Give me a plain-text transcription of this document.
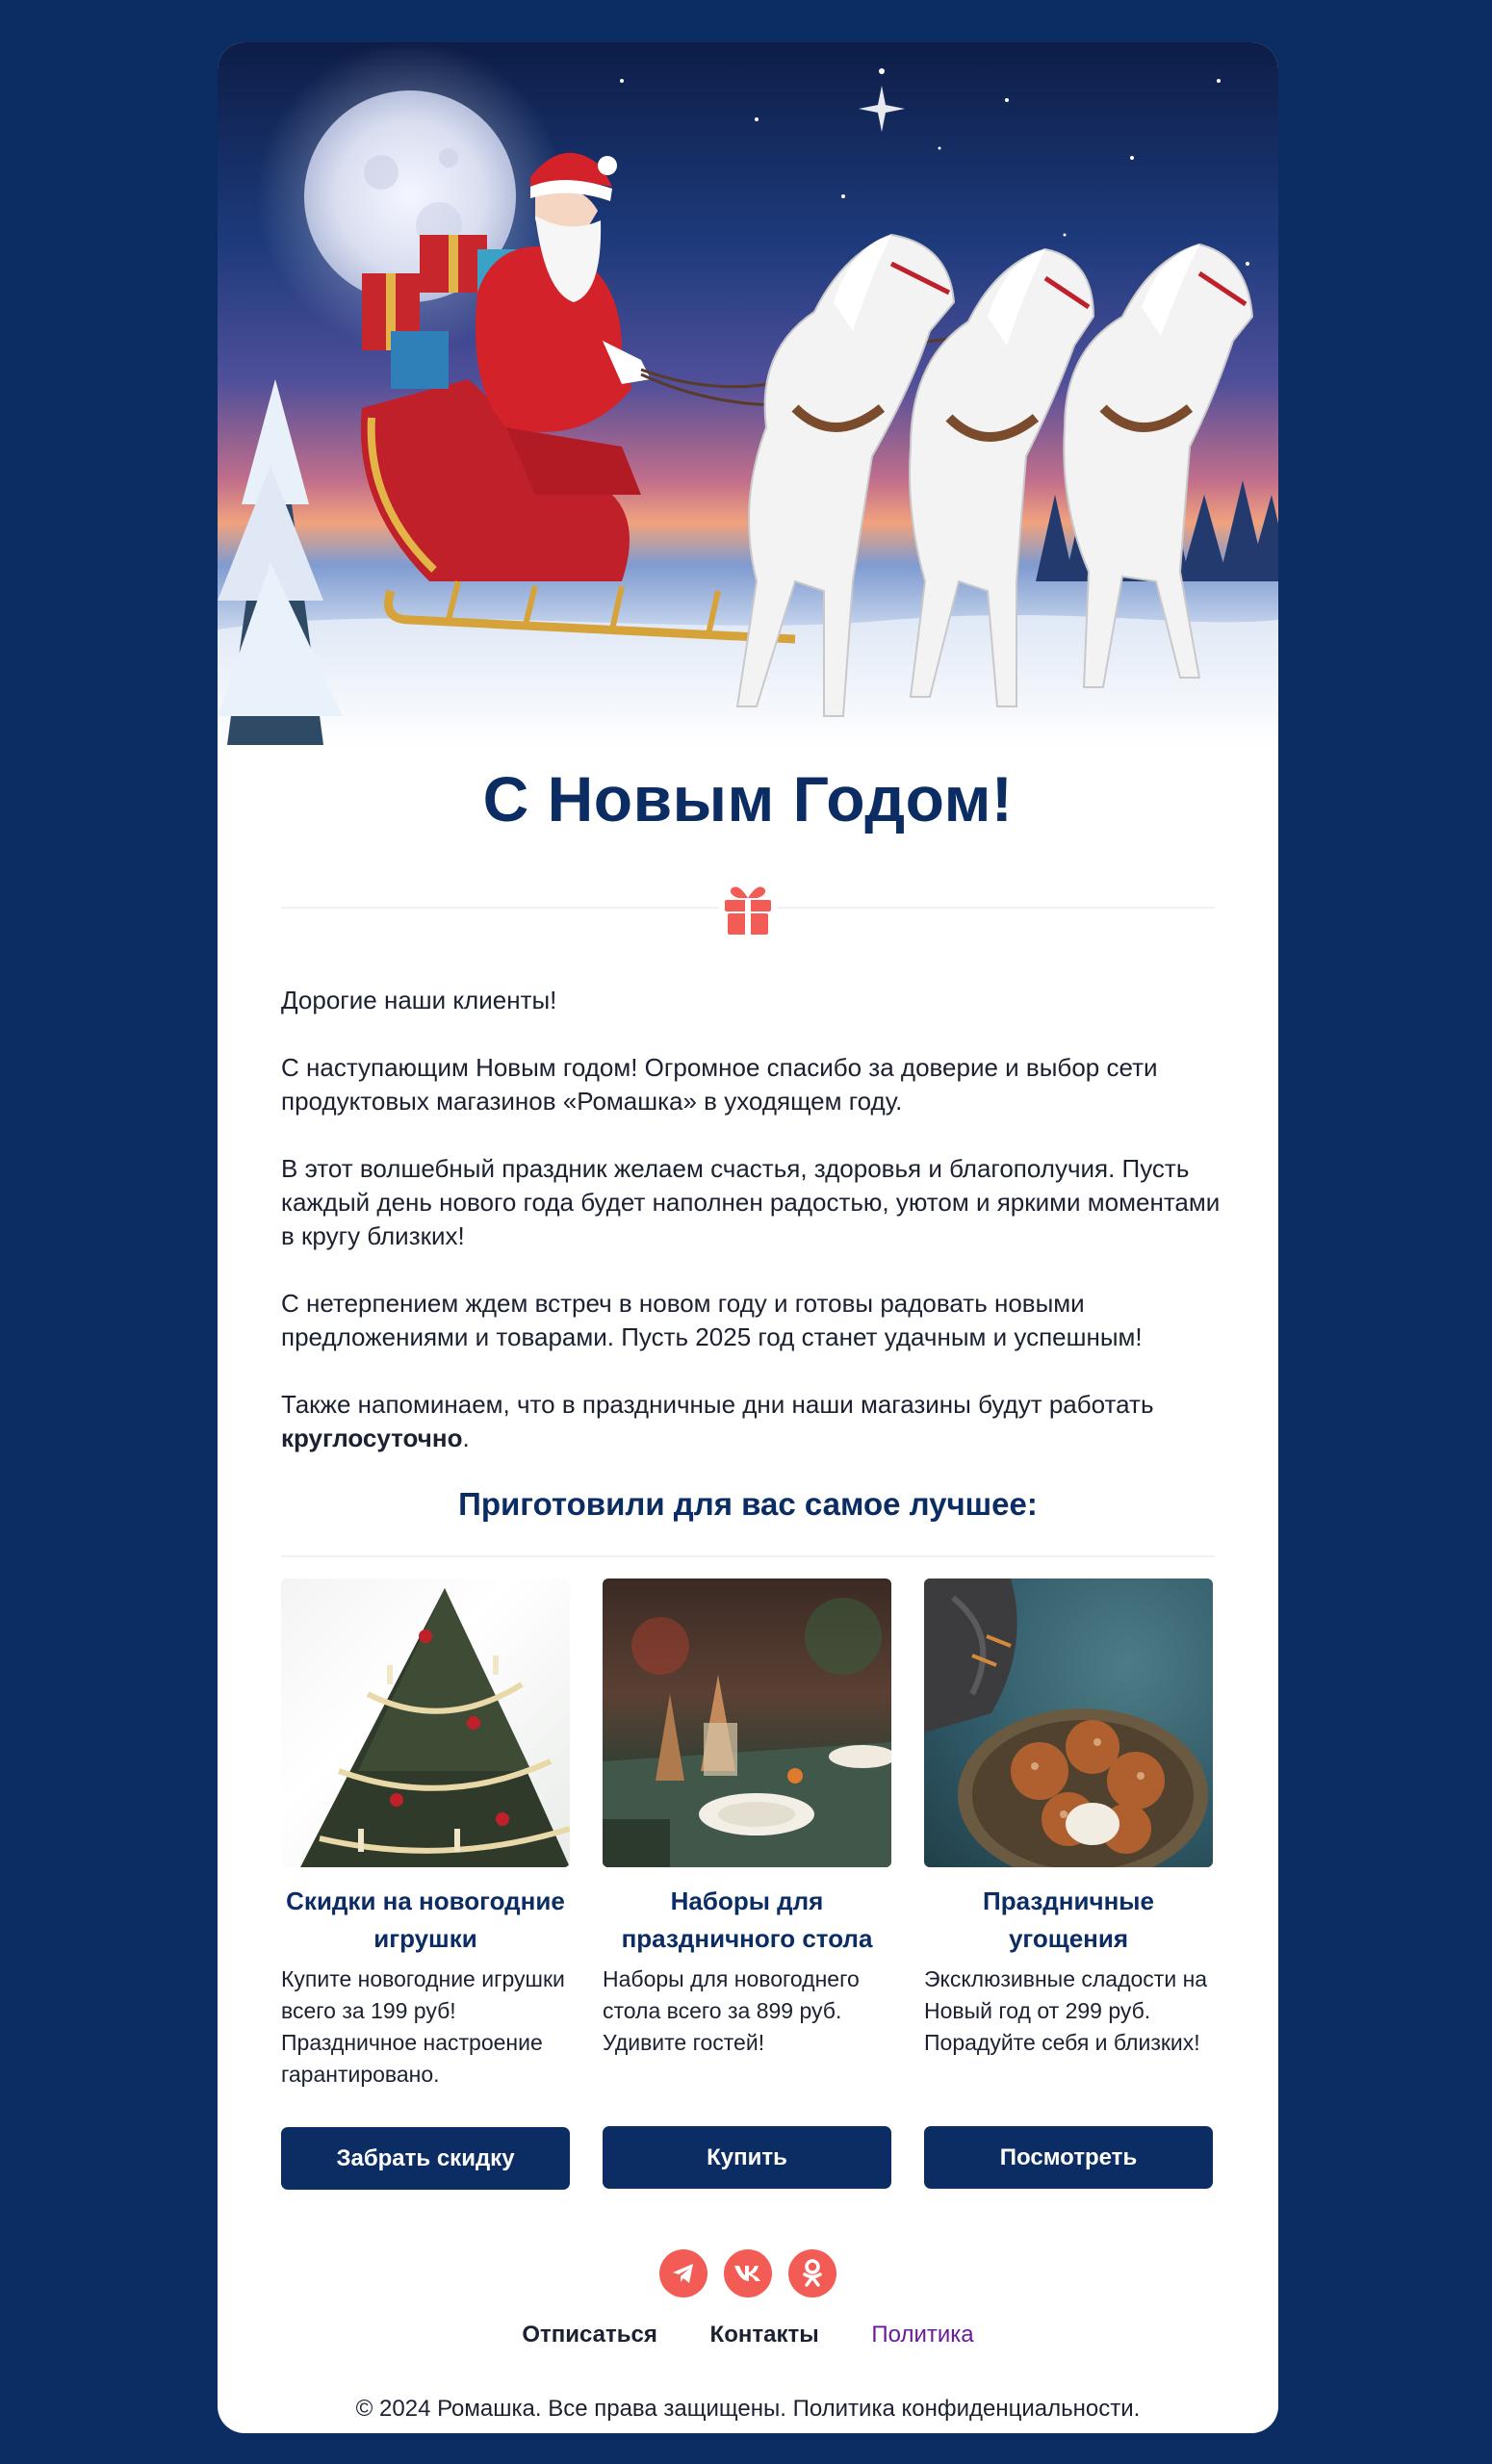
С Новым Годом!

Дорогие наши клиенты!

С наступающим Новым годом! Огромное спасибо за доверие и выбор сети продуктовых магазинов «Ромашка» в уходящем году.

В этот волшебный праздник желаем счастья, здоровья и благополучия. Пусть каждый день нового года будет наполнен радостью, уютом и яркими моментами в кругу близких!

С нетерпением ждем встреч в новом году и готовы радовать новыми предложениями и товарами. Пусть 2025 год станет удачным и успешным!

Также напоминаем, что в праздничные дни наши магазины будут работать круглосуточно.

Приготовили для вас самое лучшее:
Скидки на новогодние игрушки
Купите новогодние игрушки всего за 199 руб! Праздничное настроение гарантировано.
Наборы для праздничного стола
Наборы для новогоднего стола всего за 899 руб. Удивите гостей!
Праздничные угощения
Эксклюзивные сладости на Новый год от 299 руб. Порадуйте себя и близких!
Забрать скидку	Купить	Посмотреть
Отписаться Контакты Политика
© 2024 Ромашка. Все права защищены. Политика конфиденциальности.
